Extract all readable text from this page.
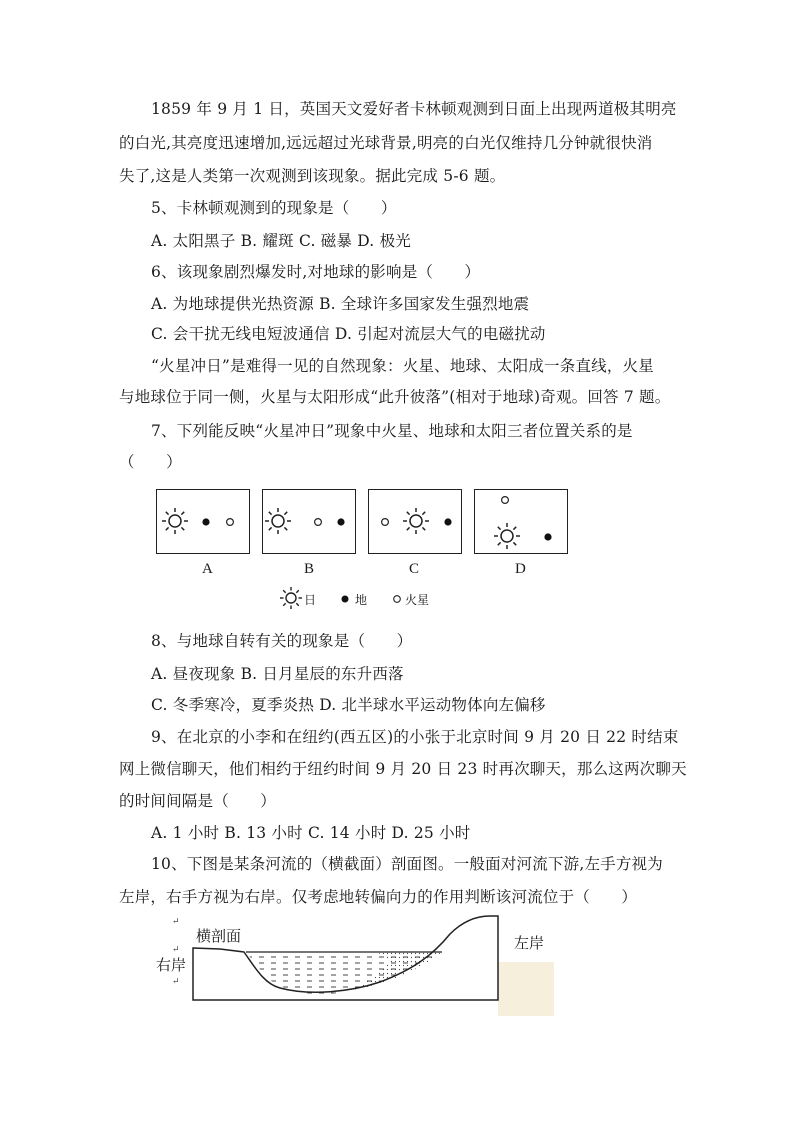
1859 年 9 月 1 日，英国天文爱好者卡林顿观测到日面上出现两道极其明亮
的白光,其亮度迅速增加,远远超过光球背景,明亮的白光仅维持几分钟就很快消
失了,这是人类第一次观测到该现象。据此完成 5-6 题。
5、卡林顿观测到的现象是（　　）
A. 太阳黑子 B. 耀斑 C. 磁暴 D. 极光
6、该现象剧烈爆发时,对地球的影响是（　　）
A. 为地球提供光热资源 B. 全球许多国家发生强烈地震
C. 会干扰无线电短波通信 D. 引起对流层大气的电磁扰动
“火星冲日”是难得一见的自然现象：火星、地球、太阳成一条直线，火星
与地球位于同一侧，火星与太阳形成“此升彼落”(相对于地球)奇观。回答 7 题。
7、下列能反映“火星冲日”现象中火星、地球和太阳三者位置关系的是
（　　）
A	B	C	D
日	地	火星
8、与地球自转有关的现象是（　　）
A. 昼夜现象 B. 日月星辰的东升西落
C. 冬季寒冷，夏季炎热 D. 北半球水平运动物体向左偏移
9、在北京的小李和在纽约(西五区)的小张于北京时间 9 月 20 日 22 时结束
网上微信聊天，他们相约于纽约时间 9 月 20 日 23 时再次聊天，那么这两次聊天
的时间间隔是（　　）
A. 1 小时 B. 13 小时 C. 14 小时 D. 25 小时
10、下图是某条河流的（横截面）剖面图。一般面对河流下游,左手方视为
左岸，右手方视为右岸。仅考虑地转偏向力的作用判断该河流位于（　　）
↵
↵
↵
横剖面
右岸
左岸
